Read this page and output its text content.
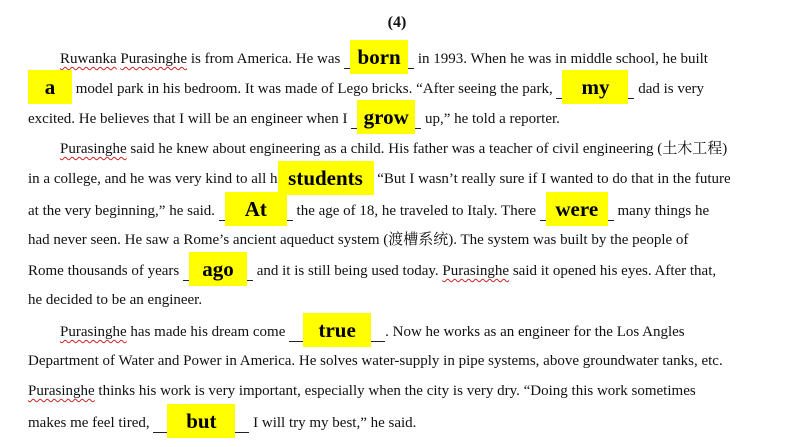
(4)
Ruwanka Purasinghe is from America. He was born in 1993. When he was in middle school, he built
a	model park in his bedroom. It was made of Lego bricks. “After seeing the park,	my	dad is very
excited. He believes that I will be an engineer when I grow up,” he told a reporter.
Purasinghe said he knew about engineering as a child. His father was a teacher of civil engineering (土木工程)
in a college, and he was very kind to all h students “But I wasn’t really sure if I wanted to do that in the future
at the very beginning,” he said.	At	the age of 18, he traveled to Italy. There were	many things he
had never seen. He saw a Rome’s ancient aqueduct system (渡槽系统). The system was built by the people of
Rome thousands of years ago	and it is still being used today. Purasinghe said it opened his eyes. After that,
he decided to be an engineer.
Purasinghe has made his dream come	true	. Now he works as an engineer for the Los Angles
Department of Water and Power in America. He solves water-supply in pipe systems, above groundwater tanks, etc.
Purasinghe thinks his work is very important, especially when the city is very dry. “Doing this work sometimes
makes me feel tired,	but	I will try my best,” he said.
